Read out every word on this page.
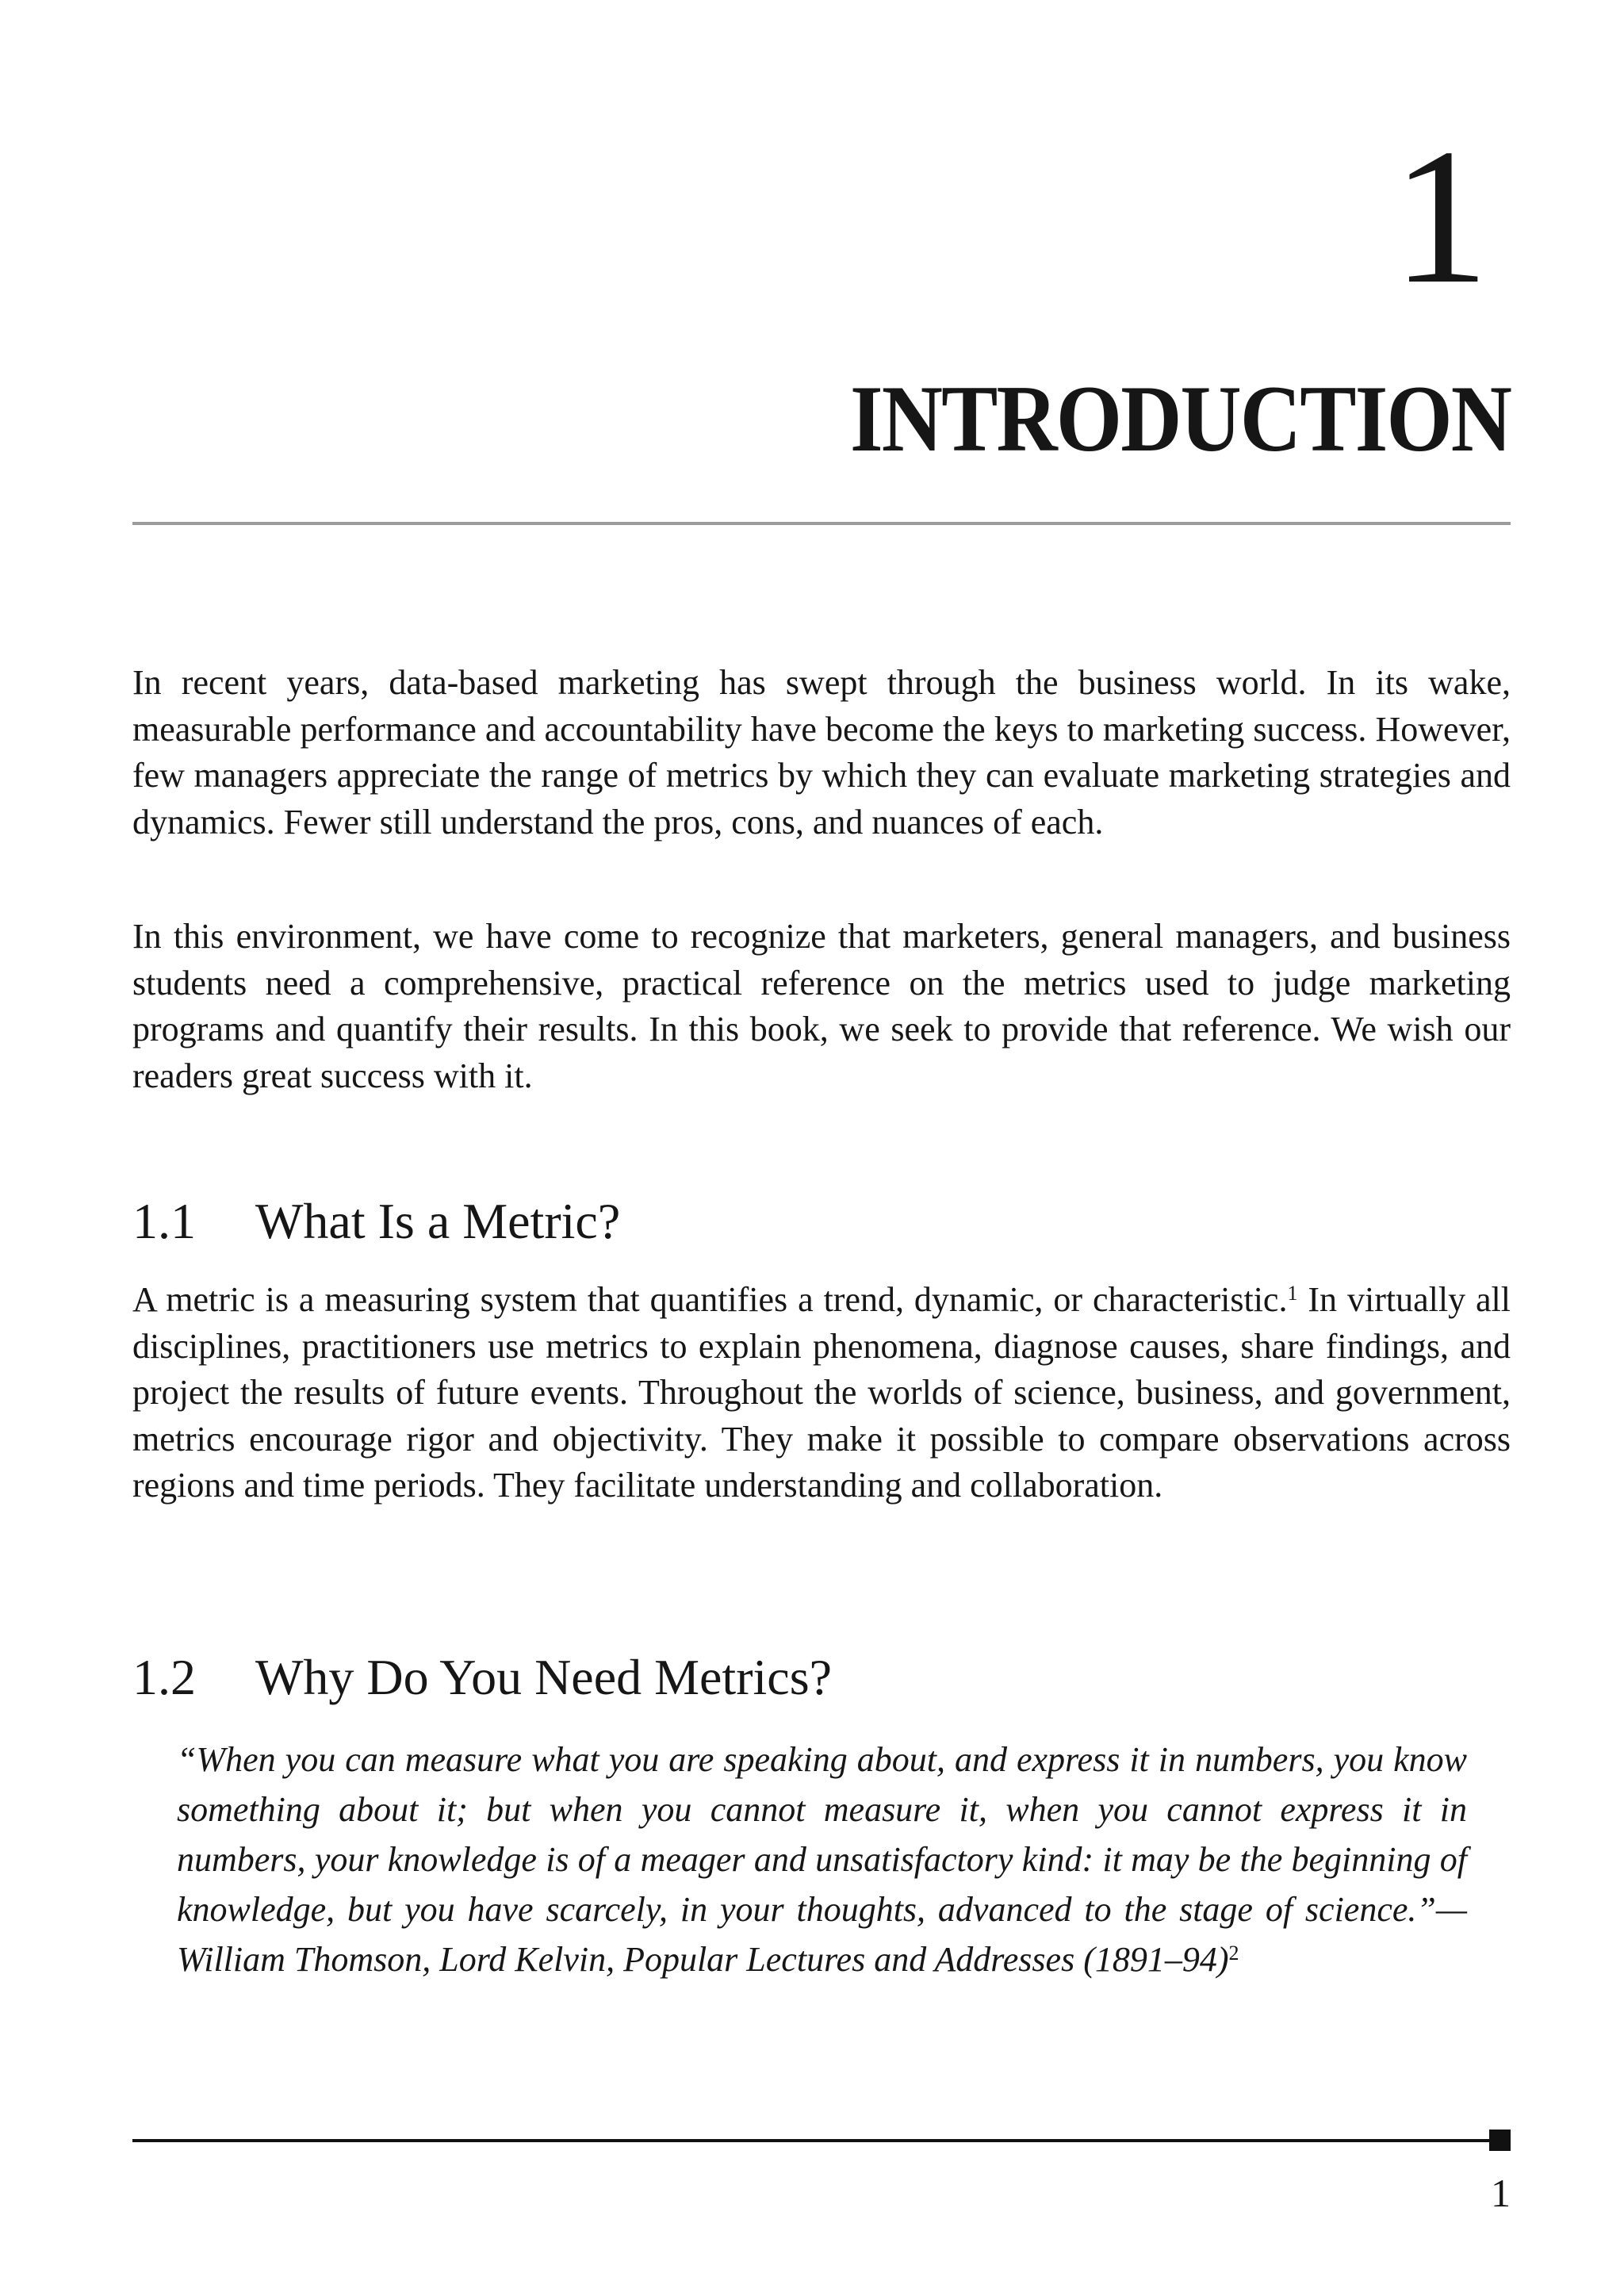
1
INTRODUCTION

In recent years, data-based marketing has swept through the business world. In its wake, measurable performance and accountability have become the keys to marketing success. However, few managers appreciate the range of metrics by which they can evaluate marketing strategies and dynamics. Fewer still understand the pros, cons, and nuances of each.

In this environment, we have come to recognize that marketers, general managers, and business students need a comprehensive, practical reference on the metrics used to judge marketing programs and quantify their results. In this book, we seek to provide that reference. We wish our readers great success with it.

1.1 What Is a Metric?

A metric is a measuring system that quantifies a trend, dynamic, or characteristic.$^1$ In virtually all disciplines, practitioners use metrics to explain phenomena, diagnose causes, share findings, and project the results of future events. Throughout the worlds of science, business, and government, metrics encourage rigor and objectivity. They make it possible to compare observations across regions and time periods. They facilitate understanding and collaboration.

1.2 Why Do You Need Metrics?

“When you can measure what you are speaking about, and express it in numbers, you know something about it; but when you cannot measure it, when you cannot express it in numbers, your knowledge is of a meager and unsatisfactory kind: it may be the beginning of knowledge, but you have scarcely, in your thoughts, advanced to the stage of science.”—William Thomson, Lord Kelvin, Popular Lectures and Addresses (1891–94)$^2$

1
